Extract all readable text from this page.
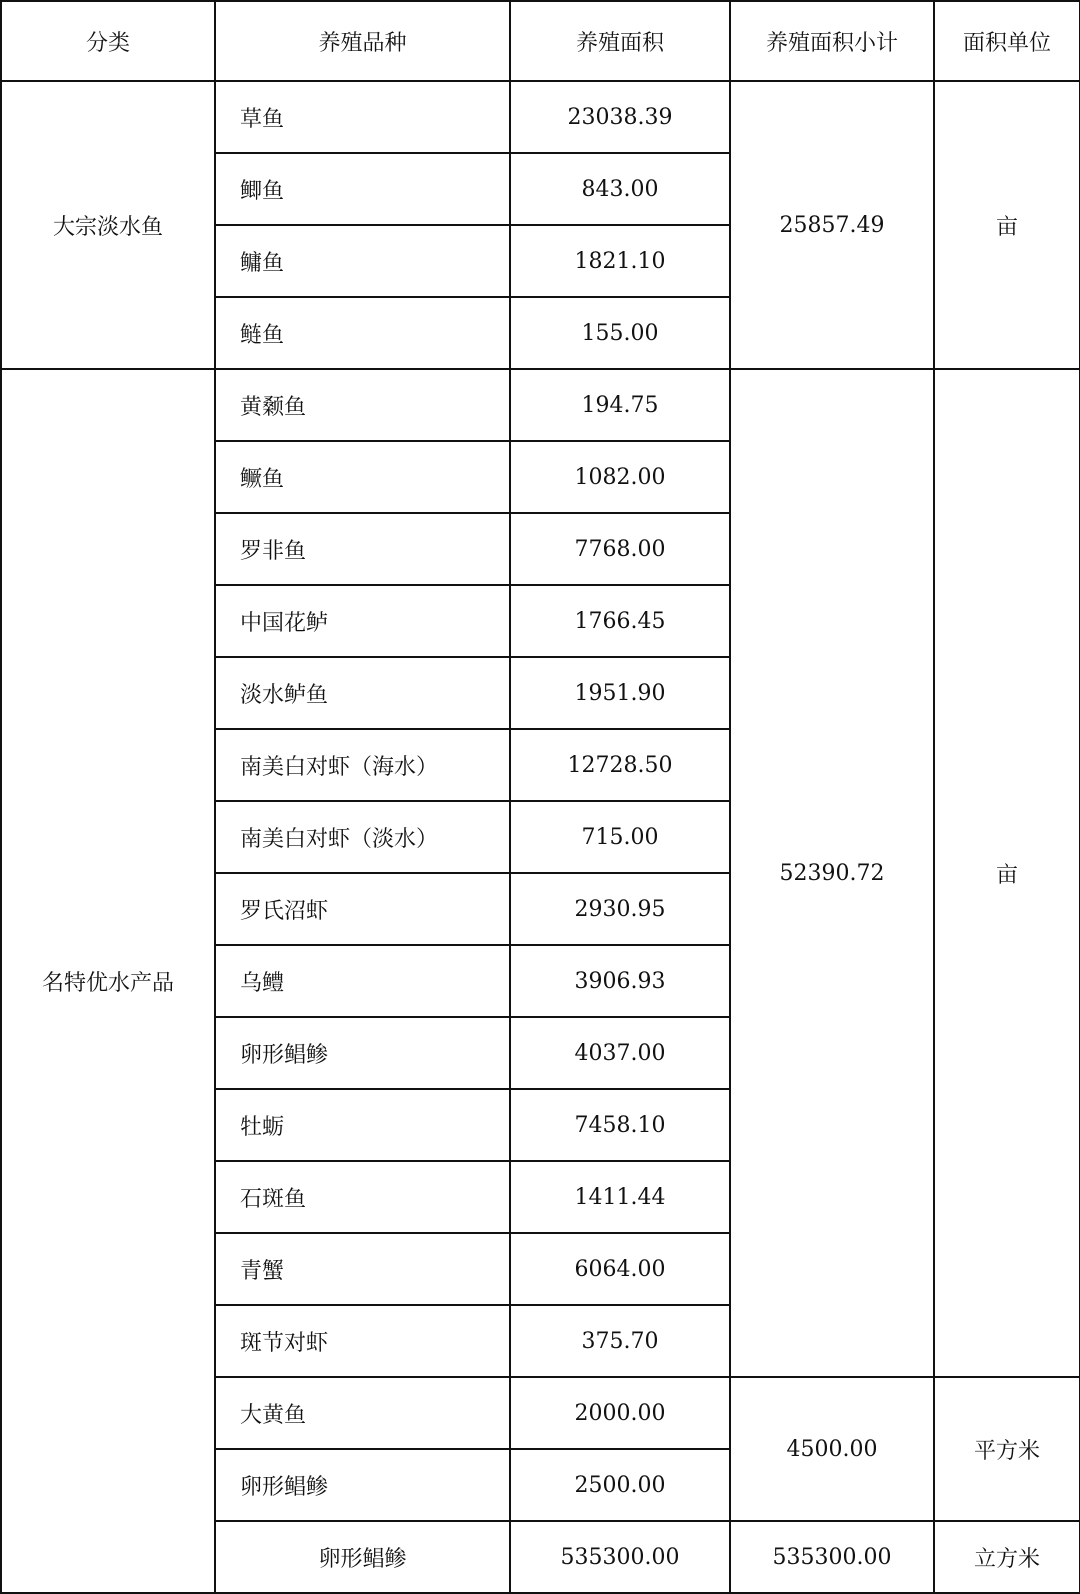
分类	养殖品种	养殖面积	养殖面积小计	面积单位
大宗淡水鱼	草鱼	23038.39	25857.49	亩
	鲫鱼	843.00		
	鳙鱼	1821.10		
	鲢鱼	155.00		
名特优水产品	黄颡鱼	194.75	52390.72	亩
	鳜鱼	1082.00		
	罗非鱼	7768.00		
	中国花鲈	1766.45		
	淡水鲈鱼	1951.90		
	南美白对虾（海水）	12728.50		
	南美白对虾（淡水）	715.00		
	罗氏沼虾	2930.95		
	乌鳢	3906.93		
	卵形鲳鲹	4037.00		
	牡蛎	7458.10		
	石斑鱼	1411.44		
	青蟹	6064.00		
	斑节对虾	375.70		
	大黄鱼	2000.00	4500.00	平方米
	卵形鲳鲹	2500.00		
	卵形鲳鲹	535300.00	535300.00	立方米
